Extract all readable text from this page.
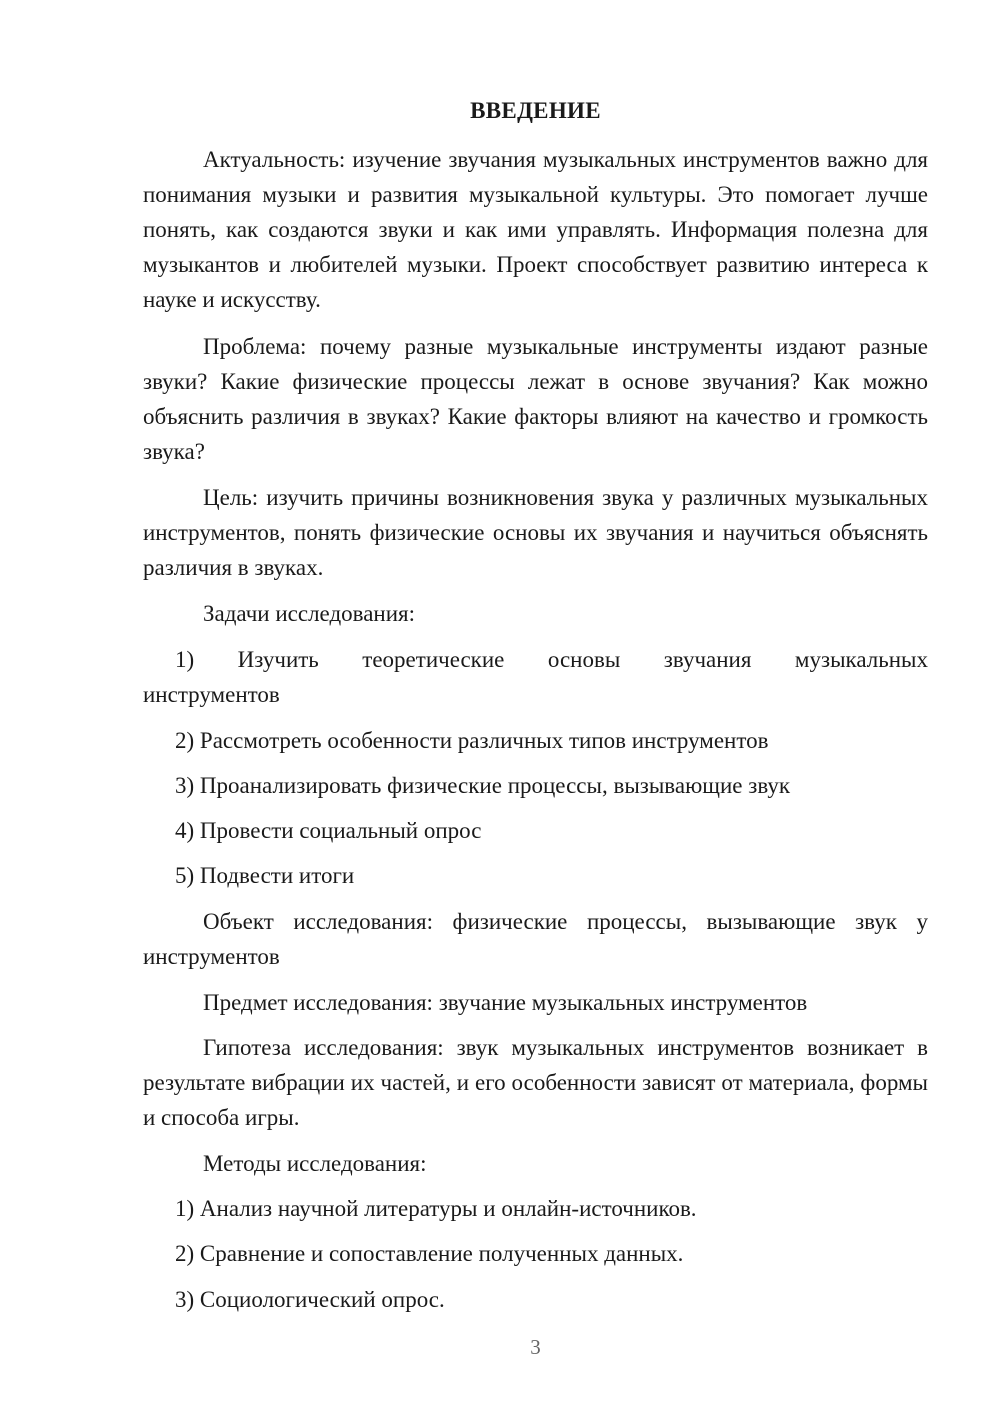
ВВЕДЕНИЕ

Актуальность: изучение звучания музыкальных инструментов важно для понимания музыки и развития музыкальной культуры. Это помогает лучше понять, как создаются звуки и как ими управлять. Информация полезна для музыкантов и любителей музыки. Проект способствует развитию интереса к науке и искусству.

Проблема: почему разные музыкальные инструменты издают разные звуки? Какие физические процессы лежат в основе звучания? Как можно объяснить различия в звуках? Какие факторы влияют на качество и громкость звука?

Цель: изучить причины возникновения звука у различных музыкальных инструментов, понять физические основы их звучания и научиться объяснять различия в звуках.

Задачи исследования:

1) Изучить теоретические основы звучания музыкальных инструментов

2) Рассмотреть особенности различных типов инструментов

3) Проанализировать физические процессы, вызывающие звук

4) Провести социальный опрос

5) Подвести итоги

Объект исследования: физические процессы, вызывающие звук у инструментов

Предмет исследования: звучание музыкальных инструментов

Гипотеза исследования: звук музыкальных инструментов возникает в результате вибрации их частей, и его особенности зависят от материала, формы и способа игры.

Методы исследования:

1) Анализ научной литературы и онлайн-источников.

2) Сравнение и сопоставление полученных данных.

3) Социологический опрос.

3
